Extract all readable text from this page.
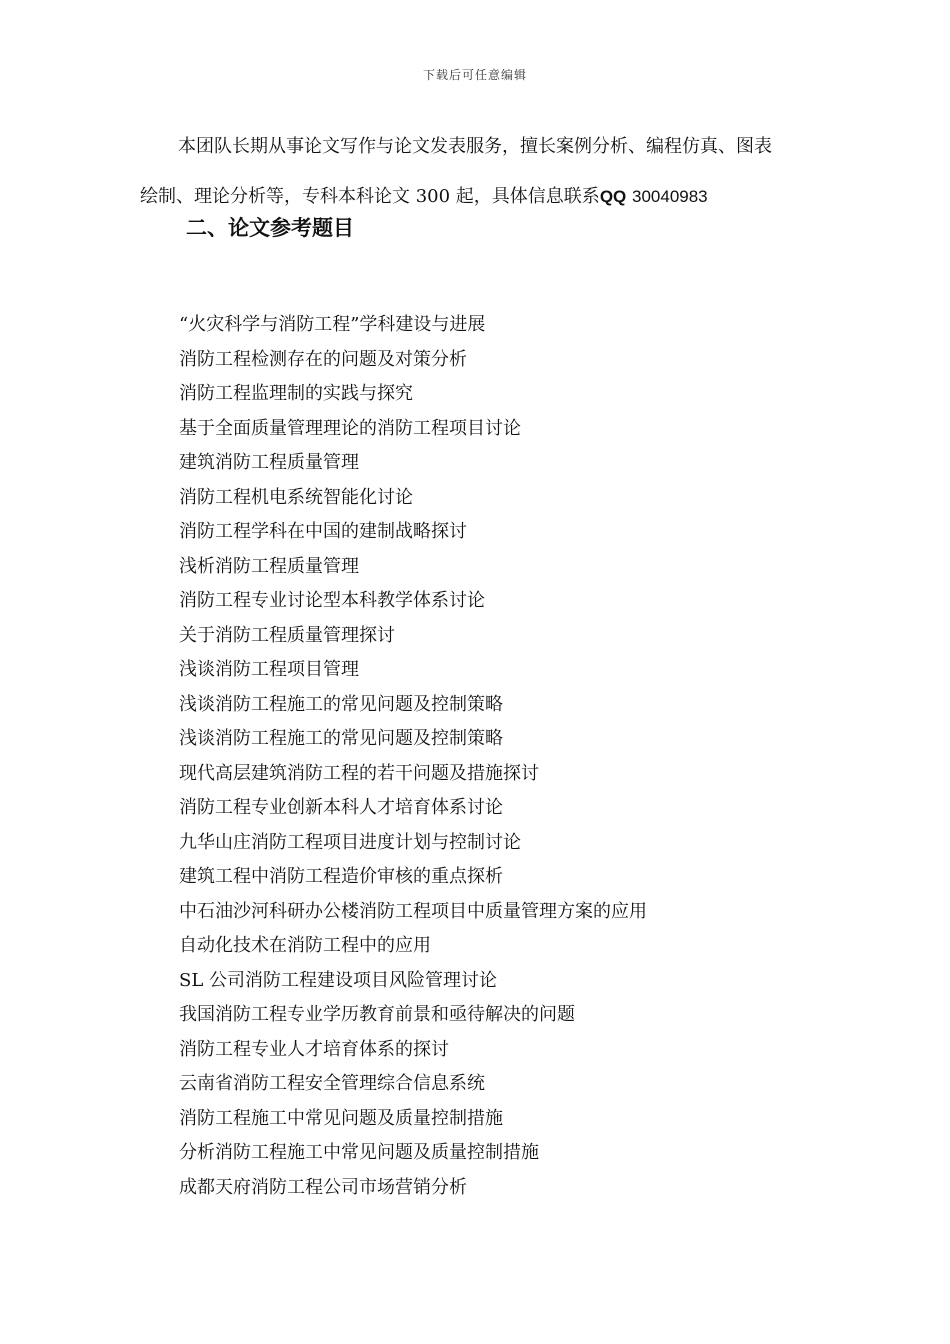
下载后可任意编辑
本团队长期从事论文写作与论文发表服务，擅长案例分析、编程仿真、图表
绘制、理论分析等，专科本科论文 300 起，具体信息联系QQ 30040983
二、论文参考题目
“火灾科学与消防工程”学科建设与进展
消防工程检测存在的问题及对策分析
消防工程监理制的实践与探究
基于全面质量管理理论的消防工程项目讨论
建筑消防工程质量管理
消防工程机电系统智能化讨论
消防工程学科在中国的建制战略探讨
浅析消防工程质量管理
消防工程专业讨论型本科教学体系讨论
关于消防工程质量管理探讨
浅谈消防工程项目管理
浅谈消防工程施工的常见问题及控制策略
浅谈消防工程施工的常见问题及控制策略
现代高层建筑消防工程的若干问题及措施探讨
消防工程专业创新本科人才培育体系讨论
九华山庄消防工程项目进度计划与控制讨论
建筑工程中消防工程造价审核的重点探析
中石油沙河科研办公楼消防工程项目中质量管理方案的应用
自动化技术在消防工程中的应用
SL 公司消防工程建设项目风险管理讨论
我国消防工程专业学历教育前景和亟待解决的问题
消防工程专业人才培育体系的探讨
云南省消防工程安全管理综合信息系统
消防工程施工中常见问题及质量控制措施
分析消防工程施工中常见问题及质量控制措施
成都天府消防工程公司市场营销分析
